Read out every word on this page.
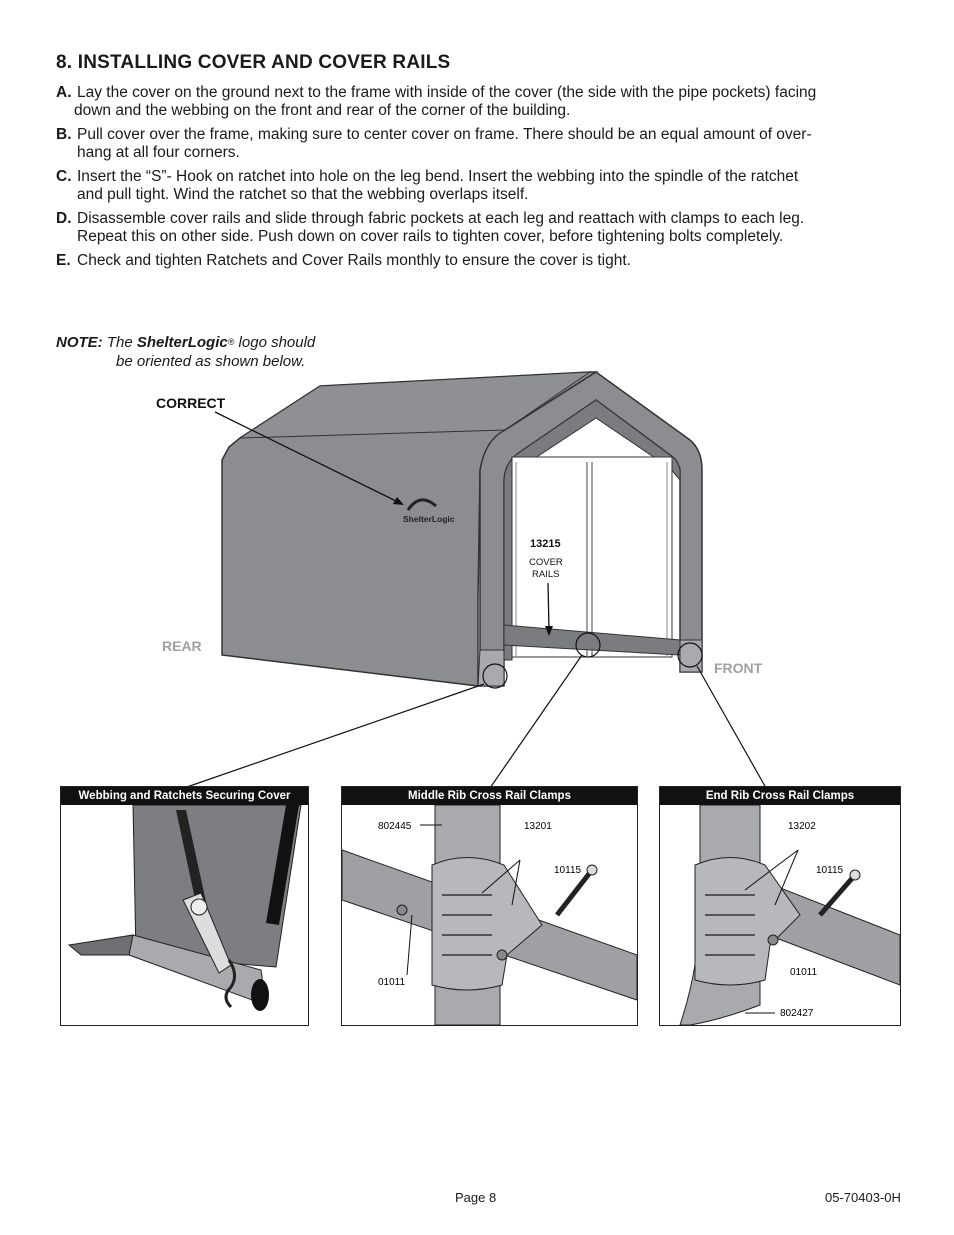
8. INSTALLING COVER AND COVER RAILS
A. Lay the cover on the ground next to the frame with inside of the cover (the side with the pipe pockets) facing
down and the webbing on the front and rear of the corner of the building.
B. Pull cover over the frame, making sure to center cover on frame. There should be an equal amount of over-
hang at all four corners.
C. Insert the “S”- Hook on ratchet into hole on the leg bend. Insert the webbing into the spindle of the ratchet
and pull tight. Wind the ratchet so that the webbing overlaps itself.
D. Disassemble cover rails and slide through fabric pockets at each leg and reattach with clamps to each leg.
Repeat this on other side. Push down on cover rails to tighten cover, before tightening bolts completely.
E. Check and tighten Ratchets and Cover Rails monthly to ensure the cover is tight.
NOTE: The ShelterLogic® logo should
be oriented as shown below.
ShelterLogic
CORRECT
REAR
FRONT
13215
COVER
RAILS
Webbing and Ratchets Securing Cover	Middle Rib Cross Rail Clamps
802445	13201
10115
01011
End Rib Cross Rail Clamps
13202
10115
01011
802427
Page 8	05-70403-0H
